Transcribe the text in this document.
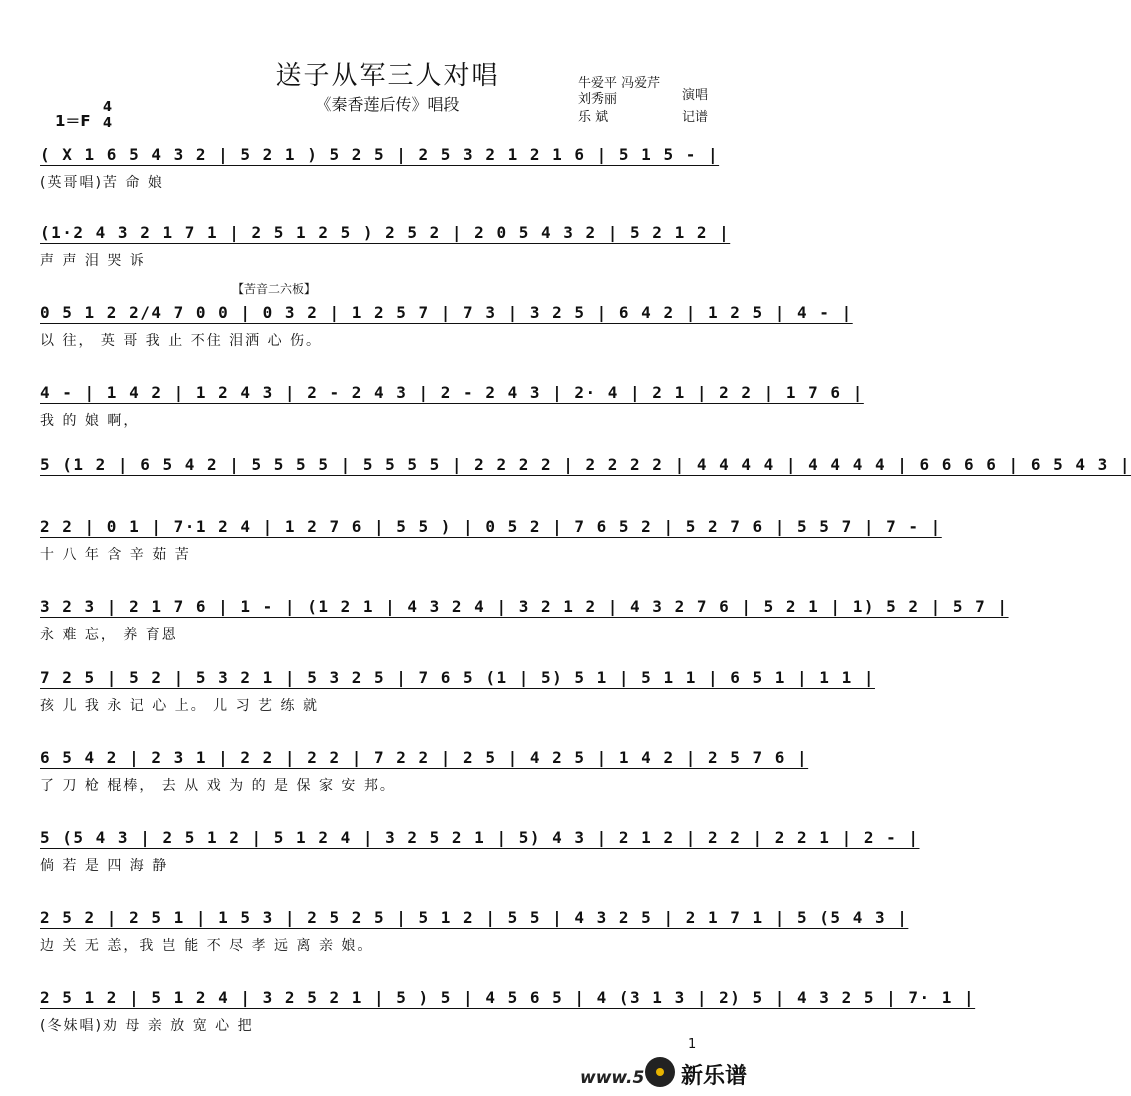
送子从军三人对唱
《秦香莲后传》唱段
1＝F
4
4
牛爱平 冯爱芹
刘秀丽	演唱
乐 斌	记谱
( X 1 6 5 4 3 2 | 5 2 1 ) 5 2 5 | 2 5 3 2 1 2 1 6 | 5 1 5 - |
(英哥唱)苦 命 娘
(1·2 4 3 2 1 7 1 | 2 5 1 2 5 ) 2 5 2 | 2 0 5 4 3 2 | 5 2 1 2 |
声 声 泪 哭 诉
【苦音二六板】
0 5 1 2 2/4 7 0 0 | 0 3 2 | 1 2 5 7 | 7 3 | 3 2 5 | 6 4 2 | 1 2 5 | 4 - |
以 往， 英 哥 我 止 不住 泪洒 心 伤。
4 - | 1 4 2 | 1 2 4 3 | 2 - 2 4 3 | 2 - 2 4 3 | 2· 4 | 2 1 | 2 2 | 1 7 6 |
我 的 娘 啊，
5 (1 2 | 6 5 4 2 | 5 5 5 5 | 5 5 5 5 | 2 2 2 2 | 2 2 2 2 | 4 4 4 4 | 4 4 4 4 | 6 6 6 6 | 6 5 4 3 |
2 2 | 0 1 | 7·1 2 4 | 1 2 7 6 | 5 5 ) | 0 5 2 | 7 6 5 2 | 5 2 7 6 | 5 5 7 | 7 - |
十 八 年 含 辛 茹 苦
3 2 3 | 2 1 7 6 | 1 - | (1 2 1 | 4 3 2 4 | 3 2 1 2 | 4 3 2 7 6 | 5 2 1 | 1) 5 2 | 5 7 |
永 难 忘， 养 育恩
7 2 5 | 5 2 | 5 3 2 1 | 5 3 2 5 | 7 6 5 (1 | 5) 5 1 | 5 1 1 | 6 5 1 | 1 1 |
孩 儿 我 永 记 心 上。 儿 习 艺 练 就
6 5 4 2 | 2 3 1 | 2 2 | 2 2 | 7 2 2 | 2 5 | 4 2 5 | 1 4 2 | 2 5 7 6 |
了 刀 枪 棍棒， 去 从 戏 为 的 是 保 家 安 邦。
5 (5 4 3 | 2 5 1 2 | 5 1 2 4 | 3 2 5 2 1 | 5) 4 3 | 2 1 2 | 2 2 | 2 2 1 | 2 - |
倘 若 是 四 海 静
2 5 2 | 2 5 1 | 1 5 3 | 2 5 2 5 | 5 1 2 | 5 5 | 4 3 2 5 | 2 1 7 1 | 5 (5 4 3 |
边 关 无 恙，我 岂 能 不 尽 孝 远 离 亲 娘。
2 5 1 2 | 5 1 2 4 | 3 2 5 2 1 | 5 ) 5 | 4 5 6 5 | 4 (3 1 3 | 2) 5 | 4 3 2 5 | 7· 1 |
(冬妹唱)劝 母 亲 放 宽 心 把
1
www.5 新乐谱
